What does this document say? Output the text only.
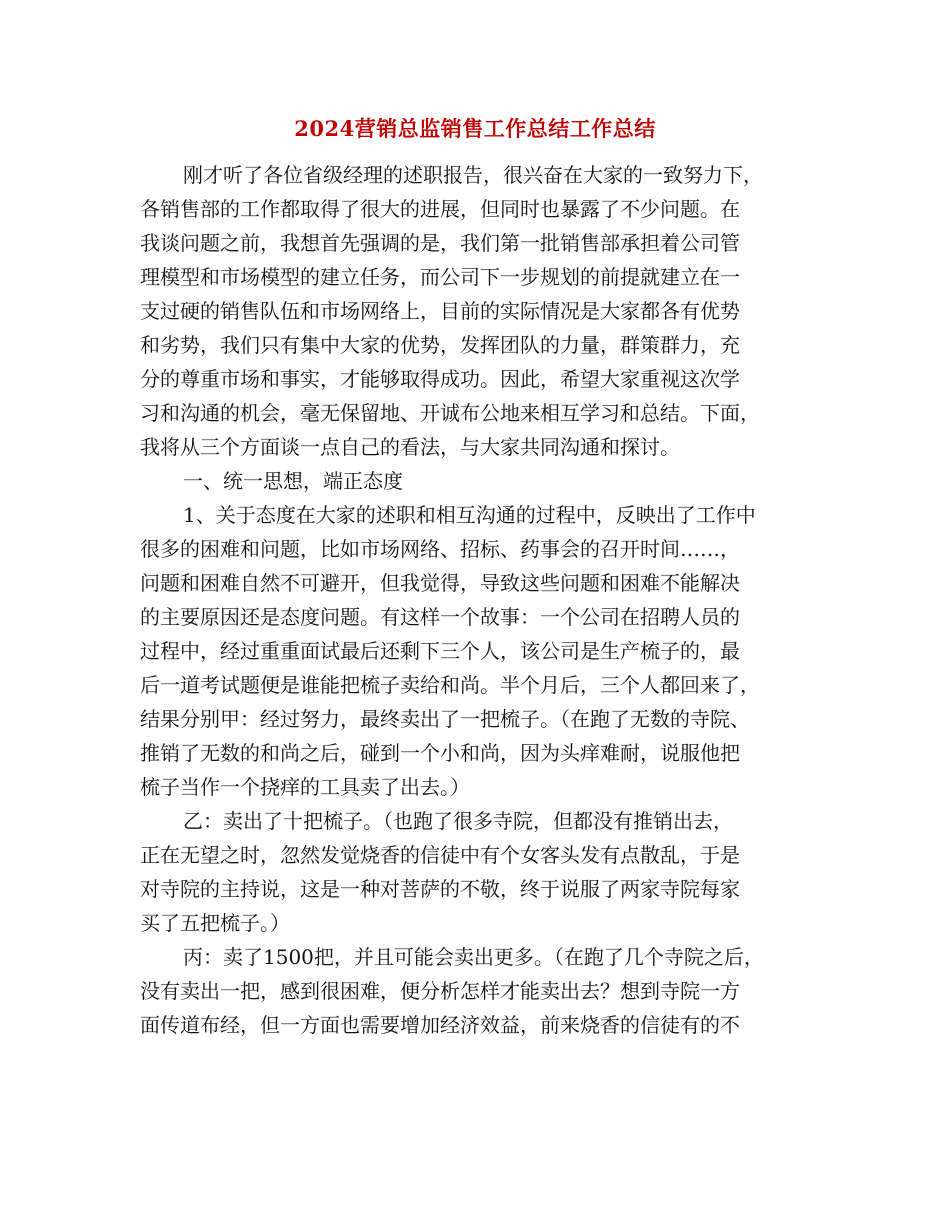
2024营销总监销售工作总结工作总结
刚才听了各位省级经理的述职报告，很兴奋在大家的一致努力下，
各销售部的工作都取得了很大的进展，但同时也暴露了不少问题。在
我谈问题之前，我想首先强调的是，我们第一批销售部承担着公司管
理模型和市场模型的建立任务，而公司下一步规划的前提就建立在一
支过硬的销售队伍和市场网络上，目前的实际情况是大家都各有优势
和劣势，我们只有集中大家的优势，发挥团队的力量，群策群力，充
分的尊重市场和事实，才能够取得成功。因此，希望大家重视这次学
习和沟通的机会，毫无保留地、开诚布公地来相互学习和总结。下面，
我将从三个方面谈一点自己的看法，与大家共同沟通和探讨。
一、统一思想，端正态度
1、关于态度在大家的述职和相互沟通的过程中，反映出了工作中
很多的困难和问题，比如市场网络、招标、药事会的召开时间……，
问题和困难自然不可避开，但我觉得，导致这些问题和困难不能解决
的主要原因还是态度问题。有这样一个故事：一个公司在招聘人员的
过程中，经过重重面试最后还剩下三个人，该公司是生产梳子的，最
后一道考试题便是谁能把梳子卖给和尚。半个月后，三个人都回来了，
结果分别甲：经过努力，最终卖出了一把梳子。（在跑了无数的寺院、
推销了无数的和尚之后，碰到一个小和尚，因为头痒难耐，说服他把
梳子当作一个挠痒的工具卖了出去。）
乙：卖出了十把梳子。（也跑了很多寺院，但都没有推销出去，
正在无望之时，忽然发觉烧香的信徒中有个女客头发有点散乱，于是
对寺院的主持说，这是一种对菩萨的不敬，终于说服了两家寺院每家
买了五把梳子。）
丙：卖了1500把，并且可能会卖出更多。（在跑了几个寺院之后，
没有卖出一把，感到很困难，便分析怎样才能卖出去？想到寺院一方
面传道布经，但一方面也需要增加经济效益，前来烧香的信徒有的不
